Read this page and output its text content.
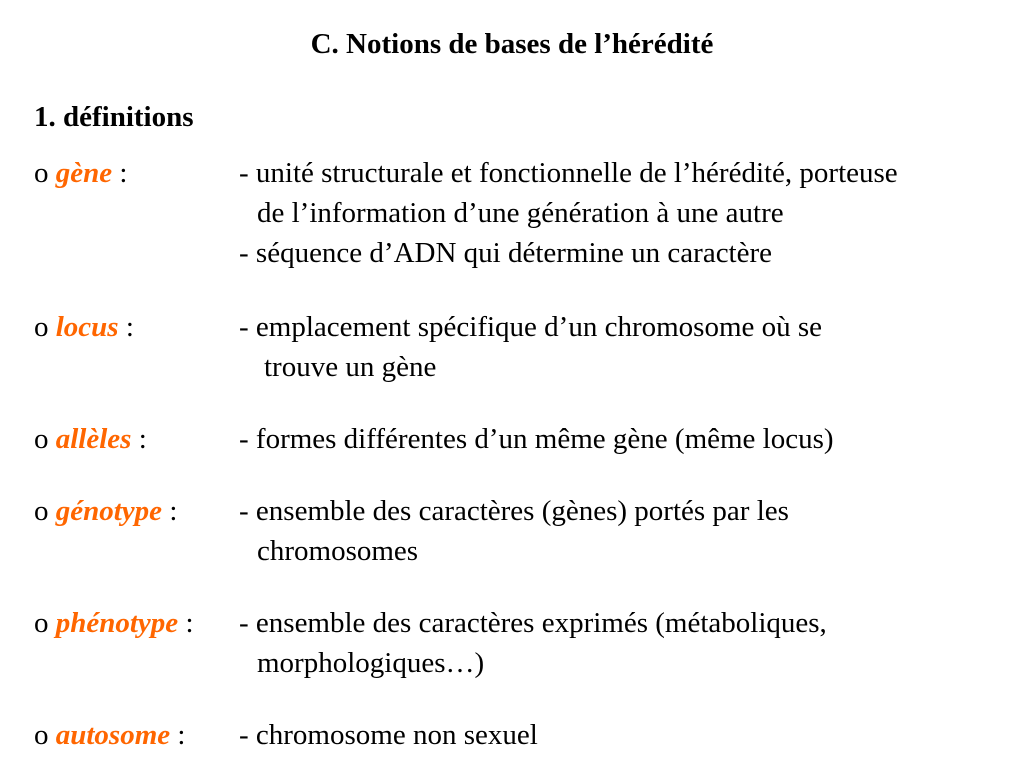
C. Notions de bases de l’hérédité
1. définitions
o gène :	- unité structurale et fonctionnelle de l’hérédité, porteuse
de l’information d’une génération à une autre
- séquence d’ADN qui détermine un caractère
o locus :	- emplacement spécifique d’un chromosome où se
trouve un gène
o allèles :	- formes différentes d’un même gène (même locus)
o génotype : - ensemble des caractères (gènes) portés par les
chromosomes
o phénotype : - ensemble des caractères exprimés (métaboliques,
morphologiques…)
o autosome : - chromosome non sexuel
